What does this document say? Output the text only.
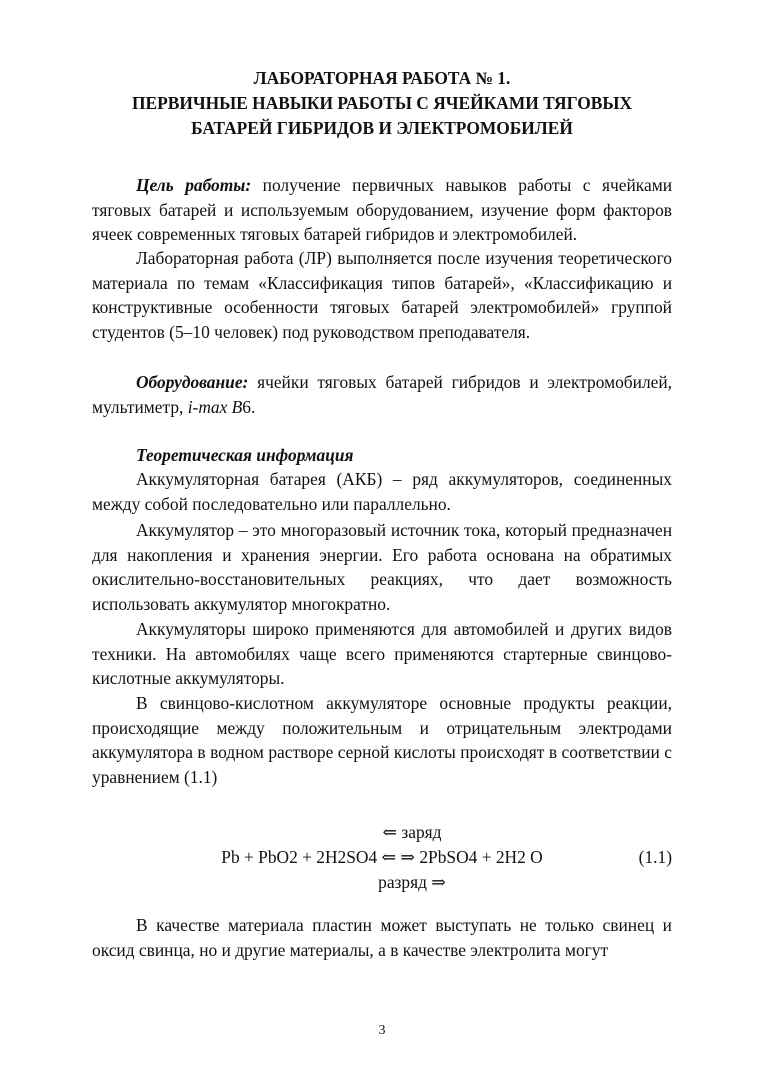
ЛАБОРАТОРНАЯ РАБОТА № 1.
ПЕРВИЧНЫЕ НАВЫКИ РАБОТЫ С ЯЧЕЙКАМИ ТЯГОВЫХ
БАТАРЕЙ ГИБРИДОВ И ЭЛЕКТРОМОБИЛЕЙ

Цель работы: получение первичных навыков работы с ячейками тяговых батарей и используемым оборудованием, изучение форм факторов ячеек современных тяговых батарей гибридов и электромобилей.

Лабораторная работа (ЛР) выполняется после изучения теоретического материала по темам «Классификация типов батарей», «Классификацию и конструктивные особенности тяговых батарей электромобилей» группой студентов (5–10 человек) под руководством преподавателя.

Оборудование: ячейки тяговых батарей гибридов и электромобилей, мультиметр, i-max B6.

Теоретическая информация

Аккумуляторная батарея (АКБ) – ряд аккумуляторов, соединенных между собой последовательно или параллельно.

Аккумулятор – это многоразовый источник тока, который предназначен для накопления и хранения энергии. Его работа основана на обратимых окислительно-восстановительных реакциях, что дает возможность использовать аккумулятор многократно.

Аккумуляторы широко применяются для автомобилей и других видов техники. На автомобилях чаще всего применяются стартерные свинцово-кислотные аккумуляторы.

В свинцово-кислотном аккумуляторе основные продукты реакции, происходящие между положительным и отрицательным электродами аккумулятора в водном растворе серной кислоты происходят в соответствии с уравнением (1.1)

⇐ заряд
Pb + PbO2 + 2H2SO4 ⇐ ⇒ 2PbSO4 + 2H2 O
разряд ⇒
(1.1)

В качестве материала пластин может выступать не только свинец и оксид свинца, но и другие материалы, а в качестве электролита могут

3
